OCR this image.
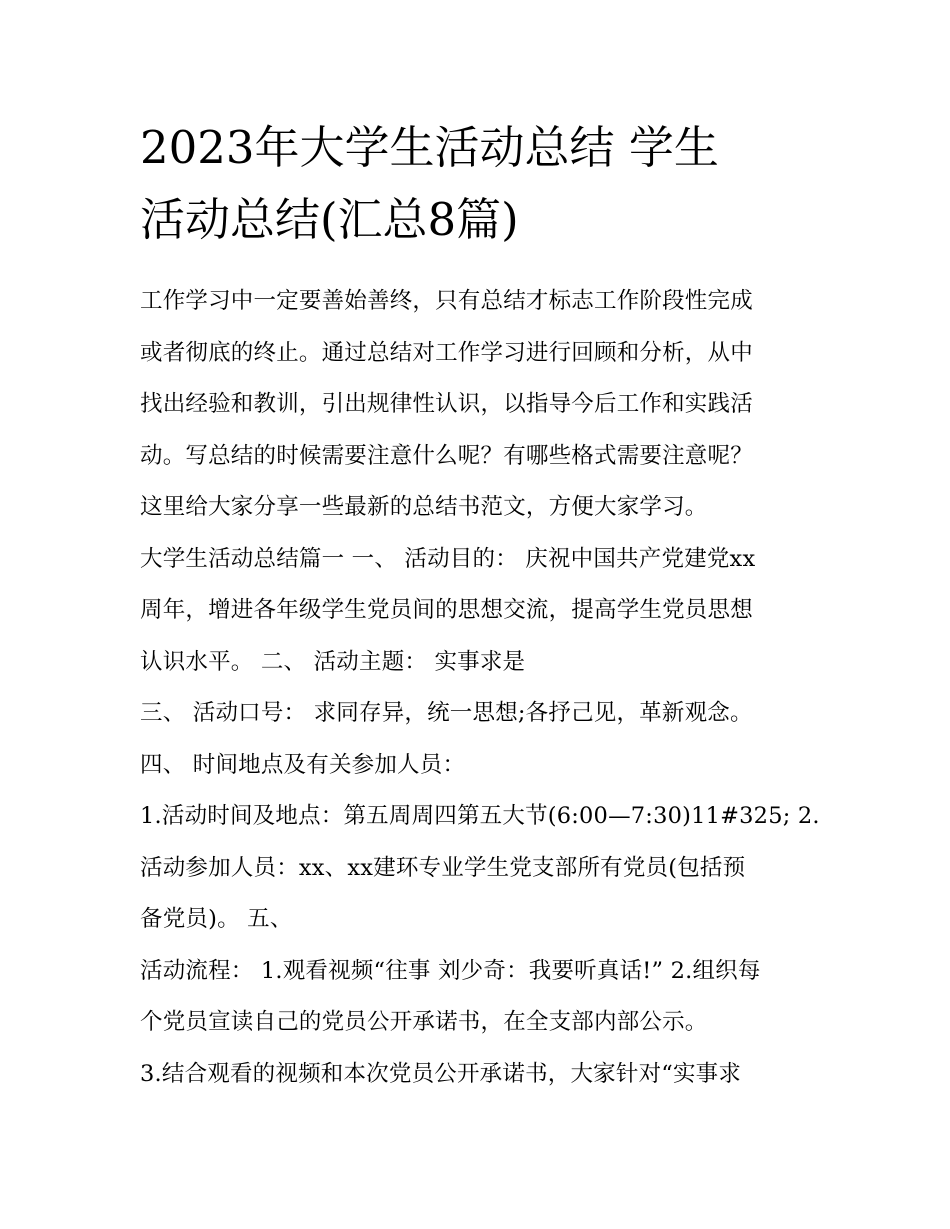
2023年大学生活动总结 学生
活动总结(汇总8篇)
工作学习中一定要善始善终，只有总结才标志工作阶段性完成
或者彻底的终止。通过总结对工作学习进行回顾和分析，从中
找出经验和教训，引出规律性认识，以指导今后工作和实践活
动。写总结的时候需要注意什么呢？有哪些格式需要注意呢？
这里给大家分享一些最新的总结书范文，方便大家学习。
大学生活动总结篇一 一、 活动目的： 庆祝中国共产党建党xx
周年，增进各年级学生党员间的思想交流，提高学生党员思想
认识水平。 二、 活动主题： 实事求是
三、 活动口号： 求同存异，统一思想;各抒己见，革新观念。
四、 时间地点及有关参加人员：
1.活动时间及地点：第五周周四第五大节(6:00—7:30)11#325; 2.
活动参加人员：xx、xx建环专业学生党支部所有党员(包括预
备党员)。 五、
活动流程： 1.观看视频“往事 刘少奇：我要听真话!” 2.组织每
个党员宣读自己的党员公开承诺书，在全支部内部公示。
3.结合观看的视频和本次党员公开承诺书，大家针对“实事求
